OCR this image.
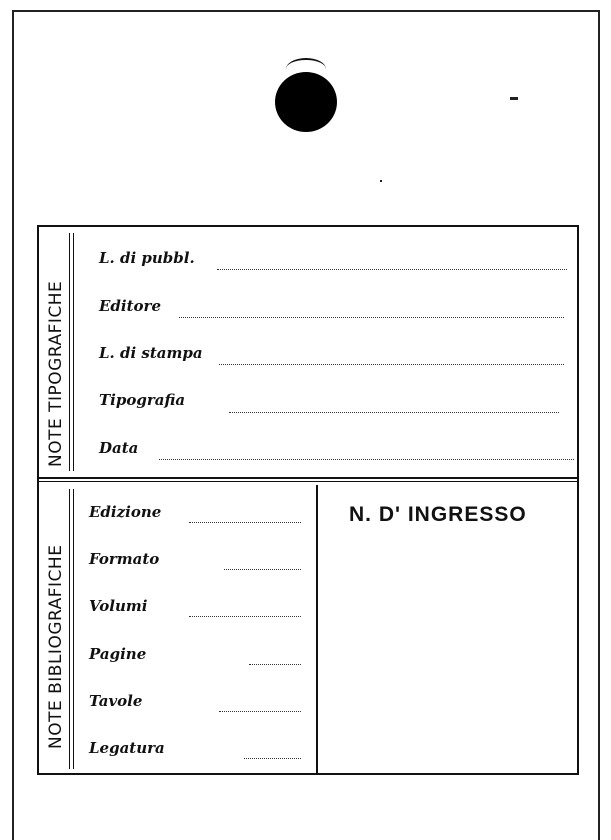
NOTE TIPOGRAFICHE
L. di pubbl.
Editore
L. di stampa
Tipografia
Data
NOTE BIBLIOGRAFICHE
Edizione
Formato
Volumi
Pagine
Tavole
Legatura
N. D' INGRESSO
